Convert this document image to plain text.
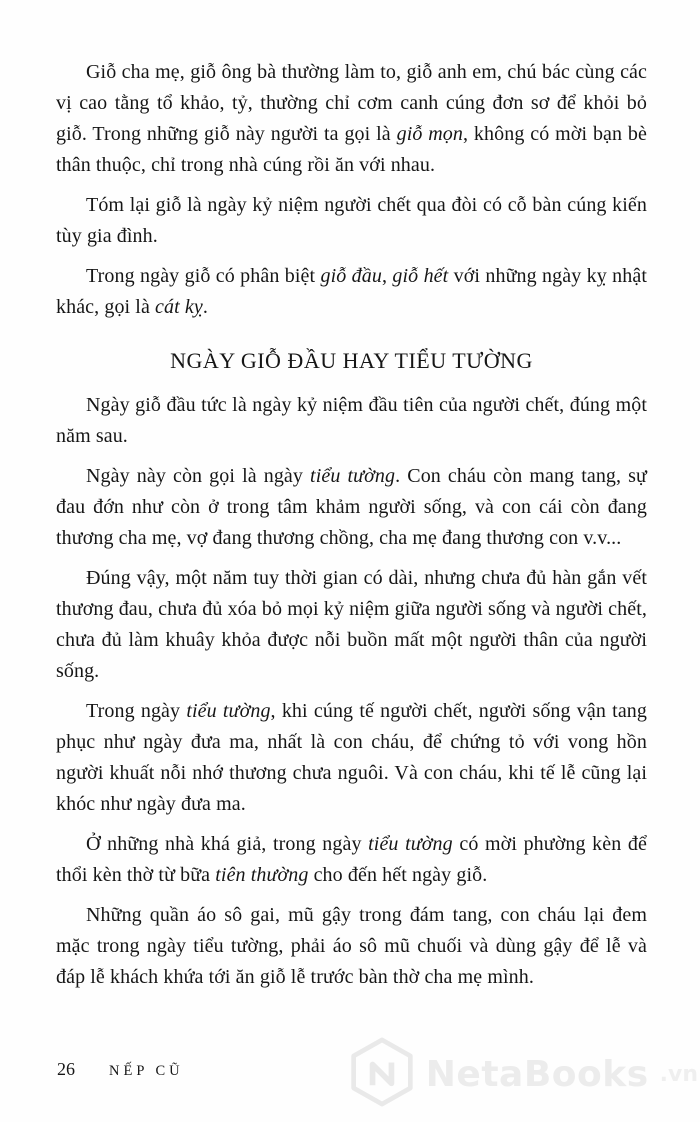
Giỗ cha mẹ, giỗ ông bà thường làm to, giỗ anh em, chú bác cùng các vị cao tằng tổ khảo, tỷ, thường chỉ cơm canh cúng đơn sơ để khỏi bỏ giỗ. Trong những giỗ này người ta gọi là giỗ mọn, không có mời bạn bè thân thuộc, chỉ trong nhà cúng rồi ăn với nhau.

Tóm lại giỗ là ngày kỷ niệm người chết qua đòi có cỗ bàn cúng kiến tùy gia đình.

Trong ngày giỗ có phân biệt giỗ đầu, giỗ hết với những ngày kỵ nhật khác, gọi là cát kỵ.

NGÀY GIỖ ĐẦU HAY TIỂU TƯỜNG

Ngày giỗ đầu tức là ngày kỷ niệm đầu tiên của người chết, đúng một năm sau.

Ngày này còn gọi là ngày tiểu tường. Con cháu còn mang tang, sự đau đớn như còn ở trong tâm khảm người sống, và con cái còn đang thương cha mẹ, vợ đang thương chồng, cha mẹ đang thương con v.v...

Đúng vậy, một năm tuy thời gian có dài, nhưng chưa đủ hàn gắn vết thương đau, chưa đủ xóa bỏ mọi kỷ niệm giữa người sống và người chết, chưa đủ làm khuây khỏa được nỗi buồn mất một người thân của người sống.

Trong ngày tiểu tường, khi cúng tế người chết, người sống vận tang phục như ngày đưa ma, nhất là con cháu, để chứng tỏ với vong hồn người khuất nỗi nhớ thương chưa nguôi. Và con cháu, khi tế lễ cũng lại khóc như ngày đưa ma.

Ở những nhà khá giả, trong ngày tiểu tường có mời phường kèn để thổi kèn thờ từ bữa tiên thường cho đến hết ngày giỗ.

Những quần áo sô gai, mũ gậy trong đám tang, con cháu lại đem mặc trong ngày tiểu tường, phải áo sô mũ chuối và dùng gậy để lễ và đáp lễ khách khứa tới ăn giỗ lễ trước bàn thờ cha mẹ mình.

26 NẾP CŨ	NetaBooks .vn
